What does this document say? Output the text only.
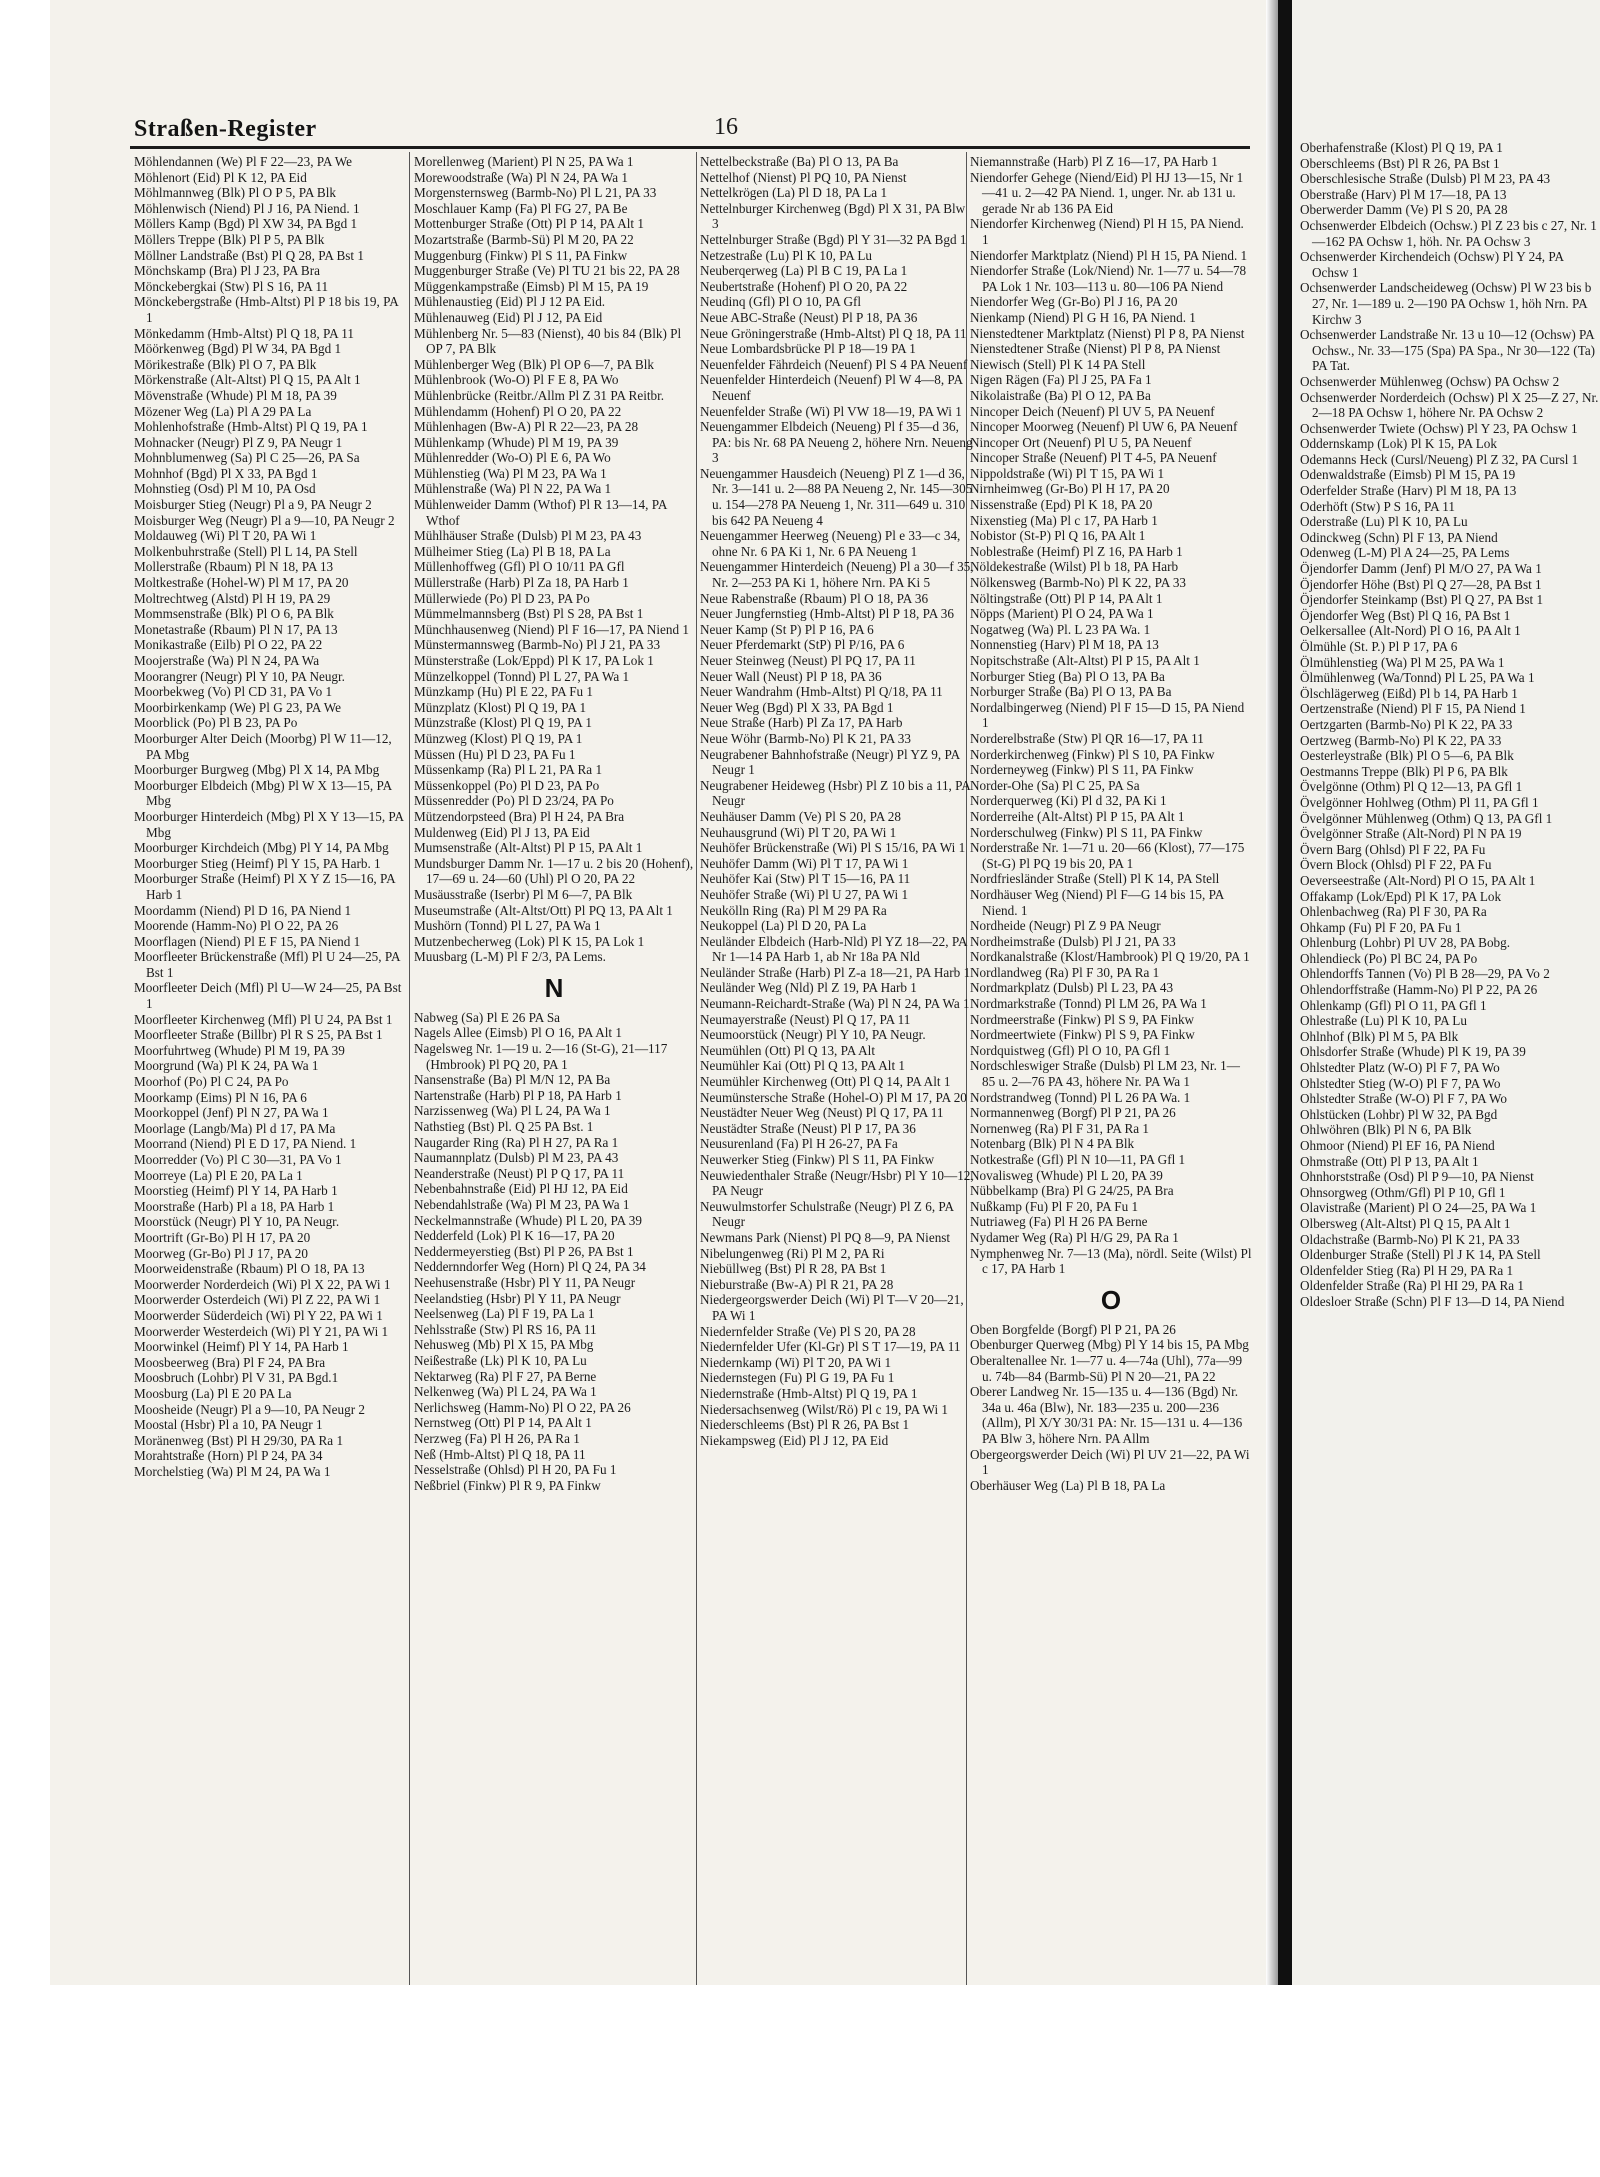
Straßen-Register	16

Möhlendannen (We) Pl F 22—23, PA We

Möhlenort (Eid) Pl K 12, PA Eid

Möhlmannweg (Blk) Pl O P 5, PA Blk

Möhlenwisch (Niend) Pl J 16, PA Niend. 1

Möllers Kamp (Bgd) Pl XW 34, PA Bgd 1

Möllers Treppe (Blk) Pl P 5, PA Blk

Möllner Landstraße (Bst) Pl Q 28, PA Bst 1

Mönchskamp (Bra) Pl J 23, PA Bra

Mönckebergkai (Stw) Pl S 16, PA 11

Mönckebergstraße (Hmb-Altst) Pl P 18 bis 19, PA 1

Mönkedamm (Hmb-Altst) Pl Q 18, PA 11

Möörkenweg (Bgd) Pl W 34, PA Bgd 1

Mörikestraße (Blk) Pl O 7, PA Blk

Mörkenstraße (Alt-Altst) Pl Q 15, PA Alt 1

Mövenstraße (Whude) Pl M 18, PA 39

Mözener Weg (La) Pl A 29 PA La

Mohlenhofstraße (Hmb-Altst) Pl Q 19, PA 1

Mohnacker (Neugr) Pl Z 9, PA Neugr 1

Mohnblumenweg (Sa) Pl C 25—26, PA Sa

Mohnhof (Bgd) Pl X 33, PA Bgd 1

Mohnstieg (Osd) Pl M 10, PA Osd

Moisburger Stieg (Neugr) Pl a 9, PA Neugr 2

Moisburger Weg (Neugr) Pl a 9—10, PA Neugr 2

Moldauweg (Wi) Pl T 20, PA Wi 1

Molkenbuhrstraße (Stell) Pl L 14, PA Stell

Mollerstraße (Rbaum) Pl N 18, PA 13

Moltkestraße (Hohel-W) Pl M 17, PA 20

Moltrechtweg (Alstd) Pl H 19, PA 29

Mommsenstraße (Blk) Pl O 6, PA Blk

Monetastraße (Rbaum) Pl N 17, PA 13

Monikastraße (Eilb) Pl O 22, PA 22

Moojerstraße (Wa) Pl N 24, PA Wa

Moorangrer (Neugr) Pl Y 10, PA Neugr.

Moorbekweg (Vo) Pl CD 31, PA Vo 1

Moorbirkenkamp (We) Pl G 23, PA We

Moorblick (Po) Pl B 23, PA Po

Moorburger Alter Deich (Moorbg) Pl W 11—12, PA Mbg

Moorburger Burgweg (Mbg) Pl X 14, PA Mbg

Moorburger Elbdeich (Mbg) Pl W X 13—15, PA Mbg

Moorburger Hinterdeich (Mbg) Pl X Y 13—15, PA Mbg

Moorburger Kirchdeich (Mbg) Pl Y 14, PA Mbg

Moorburger Stieg (Heimf) Pl Y 15, PA Harb. 1

Moorburger Straße (Heimf) Pl X Y Z 15—16, PA Harb 1

Moordamm (Niend) Pl D 16, PA Niend 1

Moorende (Hamm-No) Pl O 22, PA 26

Moorflagen (Niend) Pl E F 15, PA Niend 1

Moorfleeter Brückenstraße (Mfl) Pl U 24—25, PA Bst 1

Moorfleeter Deich (Mfl) Pl U—W 24—25, PA Bst 1

Moorfleeter Kirchenweg (Mfl) Pl U 24, PA Bst 1

Moorfleeter Straße (Billbr) Pl R S 25, PA Bst 1

Moorfuhrtweg (Whude) Pl M 19, PA 39

Moorgrund (Wa) Pl K 24, PA Wa 1

Moorhof (Po) Pl C 24, PA Po

Moorkamp (Eims) Pl N 16, PA 6

Moorkoppel (Jenf) Pl N 27, PA Wa 1

Moorlage (Langb/Ma) Pl d 17, PA Ma

Moorrand (Niend) Pl E D 17, PA Niend. 1

Moorredder (Vo) Pl C 30—31, PA Vo 1

Moorreye (La) Pl E 20, PA La 1

Moorstieg (Heimf) Pl Y 14, PA Harb 1

Moorstraße (Harb) Pl a 18, PA Harb 1

Moorstück (Neugr) Pl Y 10, PA Neugr.

Moortrift (Gr-Bo) Pl H 17, PA 20

Moorweg (Gr-Bo) Pl J 17, PA 20

Moorweidenstraße (Rbaum) Pl O 18, PA 13

Moorwerder Norderdeich (Wi) Pl X 22, PA Wi 1

Moorwerder Osterdeich (Wi) Pl Z 22, PA Wi 1

Moorwerder Süderdeich (Wi) Pl Y 22, PA Wi 1

Moorwerder Westerdeich (Wi) Pl Y 21, PA Wi 1

Moorwinkel (Heimf) Pl Y 14, PA Harb 1

Moosbeerweg (Bra) Pl F 24, PA Bra

Moosbruch (Lohbr) Pl V 31, PA Bgd.1

Moosburg (La) Pl E 20 PA La

Moosheide (Neugr) Pl a 9—10, PA Neugr 2

Moostal (Hsbr) Pl a 10, PA Neugr 1

Moränenweg (Bst) Pl H 29/30, PA Ra 1

Morahtstraße (Horn) Pl P 24, PA 34

Morchelstieg (Wa) Pl M 24, PA Wa 1

Morellenweg (Marient) Pl N 25, PA Wa 1

Morewoodstraße (Wa) Pl N 24, PA Wa 1

Morgensternsweg (Barmb-No) Pl L 21, PA 33

Moschlauer Kamp (Fa) Pl FG 27, PA Be

Mottenburger Straße (Ott) Pl P 14, PA Alt 1

Mozartstraße (Barmb-Sü) Pl M 20, PA 22

Muggenburg (Finkw) Pl S 11, PA Finkw

Muggenburger Straße (Ve) Pl TU 21 bis 22, PA 28

Müggenkampstraße (Eimsb) Pl M 15, PA 19

Mühlenaustieg (Eid) Pl J 12 PA Eid.

Mühlenauweg (Eid) Pl J 12, PA Eid

Mühlenberg Nr. 5—83 (Nienst), 40 bis 84 (Blk) Pl OP 7, PA Blk

Mühlenberger Weg (Blk) Pl OP 6—7, PA Blk

Mühlenbrook (Wo-O) Pl F E 8, PA Wo

Mühlenbrücke (Reitbr./Allm Pl Z 31 PA Reitbr.

Mühlendamm (Hohenf) Pl O 20, PA 22

Mühlenhagen (Bw-A) Pl R 22—23, PA 28

Mühlenkamp (Whude) Pl M 19, PA 39

Mühlenredder (Wo-O) Pl E 6, PA Wo

Mühlenstieg (Wa) Pl M 23, PA Wa 1

Mühlenstraße (Wa) Pl N 22, PA Wa 1

Mühlenweider Damm (Wthof) Pl R 13—14, PA Wthof

Mühlhäuser Straße (Dulsb) Pl M 23, PA 43

Mülheimer Stieg (La) Pl B 18, PA La

Müllenhoffweg (Gfl) Pl O 10/11 PA Gfl

Müllerstraße (Harb) Pl Za 18, PA Harb 1

Müllerwiede (Po) Pl D 23, PA Po

Mümmelmannsberg (Bst) Pl S 28, PA Bst 1

Münchhausenweg (Niend) Pl F 16—17, PA Niend 1

Münstermannsweg (Barmb-No) Pl J 21, PA 33

Münsterstraße (Lok/Eppd) Pl K 17, PA Lok 1

Münzelkoppel (Tonnd) Pl L 27, PA Wa 1

Münzkamp (Hu) Pl E 22, PA Fu 1

Münzplatz (Klost) Pl Q 19, PA 1

Münzstraße (Klost) Pl Q 19, PA 1

Münzweg (Klost) Pl Q 19, PA 1

Müssen (Hu) Pl D 23, PA Fu 1

Müssenkamp (Ra) Pl L 21, PA Ra 1

Müssenkoppel (Po) Pl D 23, PA Po

Müssenredder (Po) Pl D 23/24, PA Po

Mützendorpsteed (Bra) Pl H 24, PA Bra

Muldenweg (Eid) Pl J 13, PA Eid

Mumsenstraße (Alt-Altst) Pl P 15, PA Alt 1

Mundsburger Damm Nr. 1—17 u. 2 bis 20 (Hohenf), 17—69 u. 24—60 (Uhl) Pl O 20, PA 22

Musäusstraße (Iserbr) Pl M 6—7, PA Blk

Museumstraße (Alt-Altst/Ott) Pl PQ 13, PA Alt 1

Mushörn (Tonnd) Pl L 27, PA Wa 1

Mutzenbecherweg (Lok) Pl K 15, PA Lok 1

Muusbarg (L-M) Pl F 2/3, PA Lems.

N

Nabweg (Sa) Pl E 26 PA Sa

Nagels Allee (Eimsb) Pl O 16, PA Alt 1

Nagelsweg Nr. 1—19 u. 2—16 (St-G), 21—117 (Hmbrook) Pl PQ 20, PA 1

Nansenstraße (Ba) Pl M/N 12, PA Ba

Nartenstraße (Harb) Pl P 18, PA Harb 1

Narzissenweg (Wa) Pl L 24, PA Wa 1

Nathstieg (Bst) Pl. Q 25 PA Bst. 1

Naugarder Ring (Ra) Pl H 27, PA Ra 1

Naumannplatz (Dulsb) Pl M 23, PA 43

Neanderstraße (Neust) Pl P Q 17, PA 11

Nebenbahnstraße (Eid) Pl HJ 12, PA Eid

Nebendahlstraße (Wa) Pl M 23, PA Wa 1

Neckelmannstraße (Whude) Pl L 20, PA 39

Nedderfeld (Lok) Pl K 16—17, PA 20

Neddermeyerstieg (Bst) Pl P 26, PA Bst 1

Neddernndorfer Weg (Horn) Pl Q 24, PA 34

Neehusenstraße (Hsbr) Pl Y 11, PA Neugr

Neelandstieg (Hsbr) Pl Y 11, PA Neugr

Neelsenweg (La) Pl F 19, PA La 1

Nehlsstraße (Stw) Pl RS 16, PA 11

Nehusweg (Mb) Pl X 15, PA Mbg

Neißestraße (Lk) Pl K 10, PA Lu

Nektarweg (Ra) Pl F 27, PA Berne

Nelkenweg (Wa) Pl L 24, PA Wa 1

Nerlichsweg (Hamm-No) Pl O 22, PA 26

Nernstweg (Ott) Pl P 14, PA Alt 1

Nerzweg (Fa) Pl H 26, PA Ra 1

Neß (Hmb-Altst) Pl Q 18, PA 11

Nesselstraße (Ohlsd) Pl H 20, PA Fu 1

Neßbriel (Finkw) Pl R 9, PA Finkw

Nettelbeckstraße (Ba) Pl O 13, PA Ba

Nettelhof (Nienst) Pl PQ 10, PA Nienst

Nettelkrögen (La) Pl D 18, PA La 1

Nettelnburger Kirchenweg (Bgd) Pl X 31, PA Blw 3

Nettelnburger Straße (Bgd) Pl Y 31—32 PA Bgd 1

Netzestraße (Lu) Pl K 10, PA Lu

Neuberqerweg (La) Pl B C 19, PA La 1

Neubertstraße (Hohenf) Pl O 20, PA 22

Neudinq (Gfl) Pl O 10, PA Gfl

Neue ABC-Straße (Neust) Pl P 18, PA 36

Neue Gröningerstraße (Hmb-Altst) Pl Q 18, PA 11

Neue Lombardsbrücke Pl P 18—19 PA 1

Neuenfelder Fährdeich (Neuenf) Pl S 4 PA Neuenf

Neuenfelder Hinterdeich (Neuenf) Pl W 4—8, PA Neuenf

Neuenfelder Straße (Wi) Pl VW 18—19, PA Wi 1

Neuengammer Elbdeich (Neueng) Pl f 35—d 36, PA: bis Nr. 68 PA Neueng 2, höhere Nrn. Neueng 3

Neuengammer Hausdeich (Neueng) Pl Z 1—d 36, Nr. 3—141 u. 2—88 PA Neueng 2, Nr. 145—305 u. 154—278 PA Neueng 1, Nr. 311—649 u. 310 bis 642 PA Neueng 4

Neuengammer Heerweg (Neueng) Pl e 33—c 34, ohne Nr. 6 PA Ki 1, Nr. 6 PA Neueng 1

Neuengammer Hinterdeich (Neueng) Pl a 30—f 35, Nr. 2—253 PA Ki 1, höhere Nrn. PA Ki 5

Neue Rabenstraße (Rbaum) Pl O 18, PA 36

Neuer Jungfernstieg (Hmb-Altst) Pl P 18, PA 36

Neuer Kamp (St P) Pl P 16, PA 6

Neuer Pferdemarkt (StP) Pl P/16, PA 6

Neuer Steinweg (Neust) Pl PQ 17, PA 11

Neuer Wall (Neust) Pl P 18, PA 36

Neuer Wandrahm (Hmb-Altst) Pl Q/18, PA 11

Neuer Weg (Bgd) Pl X 33, PA Bgd 1

Neue Straße (Harb) Pl Za 17, PA Harb

Neue Wöhr (Barmb-No) Pl K 21, PA 33

Neugrabener Bahnhofstraße (Neugr) Pl YZ 9, PA Neugr 1

Neugrabener Heideweg (Hsbr) Pl Z 10 bis a 11, PA Neugr

Neuhäuser Damm (Ve) Pl S 20, PA 28

Neuhausgrund (Wi) Pl T 20, PA Wi 1

Neuhöfer Brückenstraße (Wi) Pl S 15/16, PA Wi 1

Neuhöfer Damm (Wi) Pl T 17, PA Wi 1

Neuhöfer Kai (Stw) Pl T 15—16, PA 11

Neuhöfer Straße (Wi) Pl U 27, PA Wi 1

Neukölln Ring (Ra) Pl M 29 PA Ra

Neukoppel (La) Pl D 20, PA La

Neuländer Elbdeich (Harb-Nld) Pl YZ 18—22, PA Nr 1—14 PA Harb 1, ab Nr 18a PA Nld

Neuländer Straße (Harb) Pl Z-a 18—21, PA Harb 1

Neuländer Weg (Nld) Pl Z 19, PA Harb 1

Neumann-Reichardt-Straße (Wa) Pl N 24, PA Wa 1

Neumayerstraße (Neust) Pl Q 17, PA 11

Neumoorstück (Neugr) Pl Y 10, PA Neugr.

Neumühlen (Ott) Pl Q 13, PA Alt

Neumühler Kai (Ott) Pl Q 13, PA Alt 1

Neumühler Kirchenweg (Ott) Pl Q 14, PA Alt 1

Neumünstersche Straße (Hohel-O) Pl M 17, PA 20

Neustädter Neuer Weg (Neust) Pl Q 17, PA 11

Neustädter Straße (Neust) Pl P 17, PA 36

Neusurenland (Fa) Pl H 26-27, PA Fa

Neuwerker Stieg (Finkw) Pl S 11, PA Finkw

Neuwiedenthaler Straße (Neugr/Hsbr) Pl Y 10—12, PA Neugr

Neuwulmstorfer Schulstraße (Neugr) Pl Z 6, PA Neugr

Newmans Park (Nienst) Pl PQ 8—9, PA Nienst

Nibelungenweg (Ri) Pl M 2, PA Ri

Niebüllweg (Bst) Pl R 28, PA Bst 1

Nieburstraße (Bw-A) Pl R 21, PA 28

Niedergeorgswerder Deich (Wi) Pl T—V 20—21, PA Wi 1

Niedernfelder Straße (Ve) Pl S 20, PA 28

Niedernfelder Ufer (Kl-Gr) Pl S T 17—19, PA 11

Niedernkamp (Wi) Pl T 20, PA Wi 1

Niedernstegen (Fu) Pl G 19, PA Fu 1

Niedernstraße (Hmb-Altst) Pl Q 19, PA 1

Niedersachsenweg (Wilst/Rö) Pl c 19, PA Wi 1

Niederschleems (Bst) Pl R 26, PA Bst 1

Niekampsweg (Eid) Pl J 12, PA Eid

Niemannstraße (Harb) Pl Z 16—17, PA Harb 1

Niendorfer Gehege (Niend/Eid) Pl HJ 13—15, Nr 1—41 u. 2—42 PA Niend. 1, unger. Nr. ab 131 u. gerade Nr ab 136 PA Eid

Niendorfer Kirchenweg (Niend) Pl H 15, PA Niend. 1

Niendorfer Marktplatz (Niend) Pl H 15, PA Niend. 1

Niendorfer Straße (Lok/Niend) Nr. 1—77 u. 54—78 PA Lok 1 Nr. 103—113 u. 80—106 PA Niend

Niendorfer Weg (Gr-Bo) Pl J 16, PA 20

Nienkamp (Niend) Pl G H 16, PA Niend. 1

Nienstedtener Marktplatz (Nienst) Pl P 8, PA Nienst

Nienstedtener Straße (Nienst) Pl P 8, PA Nienst

Niewisch (Stell) Pl K 14 PA Stell

Nigen Rägen (Fa) Pl J 25, PA Fa 1

Nikolaistraße (Ba) Pl O 12, PA Ba

Nincoper Deich (Neuenf) Pl UV 5, PA Neuenf

Nincoper Moorweg (Neuenf) Pl UW 6, PA Neuenf

Nincoper Ort (Neuenf) Pl U 5, PA Neuenf

Nincoper Straße (Neuenf) Pl T 4-5, PA Neuenf

Nippoldstraße (Wi) Pl T 15, PA Wi 1

Nirnheimweg (Gr-Bo) Pl H 17, PA 20

Nissenstraße (Epd) Pl K 18, PA 20

Nixenstieg (Ma) Pl c 17, PA Harb 1

Nobistor (St-P) Pl Q 16, PA Alt 1

Noblestraße (Heimf) Pl Z 16, PA Harb 1

Nöldekestraße (Wilst) Pl b 18, PA Harb

Nölkensweg (Barmb-No) Pl K 22, PA 33

Nöltingstraße (Ott) Pl P 14, PA Alt 1

Nöpps (Marient) Pl O 24, PA Wa 1

Nogatweg (Wa) Pl. L 23 PA Wa. 1

Nonnenstieg (Harv) Pl M 18, PA 13

Nopitschstraße (Alt-Altst) Pl P 15, PA Alt 1

Norburger Stieg (Ba) Pl O 13, PA Ba

Norburger Straße (Ba) Pl O 13, PA Ba

Nordalbingerweg (Niend) Pl F 15—D 15, PA Niend 1

Norderelbstraße (Stw) Pl QR 16—17, PA 11

Norderkirchenweg (Finkw) Pl S 10, PA Finkw

Norderneyweg (Finkw) Pl S 11, PA Finkw

Norder-Ohe (Sa) Pl C 25, PA Sa

Norderquerweg (Ki) Pl d 32, PA Ki 1

Norderreihe (Alt-Altst) Pl P 15, PA Alt 1

Norderschulweg (Finkw) Pl S 11, PA Finkw

Norderstraße Nr. 1—71 u. 20—66 (Klost), 77—175 (St-G) Pl PQ 19 bis 20, PA 1

Nordfriesländer Straße (Stell) Pl K 14, PA Stell

Nordhäuser Weg (Niend) Pl F—G 14 bis 15, PA Niend. 1

Nordheide (Neugr) Pl Z 9 PA Neugr

Nordheimstraße (Dulsb) Pl J 21, PA 33

Nordkanalstraße (Klost/Hambrook) Pl Q 19/20, PA 1

Nordlandweg (Ra) Pl F 30, PA Ra 1

Nordmarkplatz (Dulsb) Pl L 23, PA 43

Nordmarkstraße (Tonnd) Pl LM 26, PA Wa 1

Nordmeerstraße (Finkw) Pl S 9, PA Finkw

Nordmeertwiete (Finkw) Pl S 9, PA Finkw

Nordquistweg (Gfl) Pl O 10, PA Gfl 1

Nordschleswiger Straße (Dulsb) Pl LM 23, Nr. 1—85 u. 2—76 PA 43, höhere Nr. PA Wa 1

Nordstrandweg (Tonnd) Pl L 26 PA Wa. 1

Normannenweg (Borgf) Pl P 21, PA 26

Nornenweg (Ra) Pl F 31, PA Ra 1

Notenbarg (Blk) Pl N 4 PA Blk

Notkestraße (Gfl) Pl N 10—11, PA Gfl 1

Novalisweg (Whude) Pl L 20, PA 39

Nübbelkamp (Bra) Pl G 24/25, PA Bra

Nußkamp (Fu) Pl F 20, PA Fu 1

Nutriaweg (Fa) Pl H 26 PA Berne

Nydamer Weg (Ra) Pl H/G 29, PA Ra 1

Nymphenweg Nr. 7—13 (Ma), nördl. Seite (Wilst) Pl c 17, PA Harb 1

O

Oben Borgfelde (Borgf) Pl P 21, PA 26

Obenburger Querweg (Mbg) Pl Y 14 bis 15, PA Mbg

Oberaltenallee Nr. 1—77 u. 4—74a (Uhl), 77a—99 u. 74b—84 (Barmb-Sü) Pl N 20—21, PA 22

Oberer Landweg Nr. 15—135 u. 4—136 (Bgd) Nr. 34a u. 46a (Blw), Nr. 183—235 u. 200—236 (Allm), Pl X/Y 30/31 PA: Nr. 15—131 u. 4—136 PA Blw 3, höhere Nrn. PA Allm

Obergeorgswerder Deich (Wi) Pl UV 21—22, PA Wi 1

Oberhäuser Weg (La) Pl B 18, PA La

Oberhafenstraße (Klost) Pl Q 19, PA 1

Oberschleems (Bst) Pl R 26, PA Bst 1

Oberschlesische Straße (Dulsb) Pl M 23, PA 43

Oberstraße (Harv) Pl M 17—18, PA 13

Oberwerder Damm (Ve) Pl S 20, PA 28

Ochsenwerder Elbdeich (Ochsw.) Pl Z 23 bis c 27, Nr. 1—162 PA Ochsw 1, höh. Nr. PA Ochsw 3

Ochsenwerder Kirchendeich (Ochsw) Pl Y 24, PA Ochsw 1

Ochsenwerder Landscheideweg (Ochsw) Pl W 23 bis b 27, Nr. 1—189 u. 2—190 PA Ochsw 1, höh Nrn. PA Kirchw 3

Ochsenwerder Landstraße Nr. 13 u 10—12 (Ochsw) PA Ochsw., Nr. 33—175 (Spa) PA Spa., Nr 30—122 (Ta) PA Tat.

Ochsenwerder Mühlenweg (Ochsw) PA Ochsw 2

Ochsenwerder Norderdeich (Ochsw) Pl X 25—Z 27, Nr. 2—18 PA Ochsw 1, höhere Nr. PA Ochsw 2

Ochsenwerder Twiete (Ochsw) Pl Y 23, PA Ochsw 1

Oddernskamp (Lok) Pl K 15, PA Lok

Odemanns Heck (Cursl/Neueng) Pl Z 32, PA Cursl 1

Odenwaldstraße (Eimsb) Pl M 15, PA 19

Oderfelder Straße (Harv) Pl M 18, PA 13

Oderhöft (Stw) P S 16, PA 11

Oderstraße (Lu) Pl K 10, PA Lu

Odinckweg (Schn) Pl F 13, PA Niend

Odenweg (L-M) Pl A 24—25, PA Lems

Öjendorfer Damm (Jenf) Pl M/O 27, PA Wa 1

Öjendorfer Höhe (Bst) Pl Q 27—28, PA Bst 1

Öjendorfer Steinkamp (Bst) Pl Q 27, PA Bst 1

Öjendorfer Weg (Bst) Pl Q 16, PA Bst 1

Oelkersallee (Alt-Nord) Pl O 16, PA Alt 1

Ölmühle (St. P.) Pl P 17, PA 6

Ölmühlenstieg (Wa) Pl M 25, PA Wa 1

Ölmühlenweg (Wa/Tonnd) Pl L 25, PA Wa 1

Ölschlägerweg (Eißd) Pl b 14, PA Harb 1

Oertzenstraße (Niend) Pl F 15, PA Niend 1

Oertzgarten (Barmb-No) Pl K 22, PA 33

Oertzweg (Barmb-No) Pl K 22, PA 33

Oesterleystraße (Blk) Pl O 5—6, PA Blk

Oestmanns Treppe (Blk) Pl P 6, PA Blk

Övelgönne (Othm) Pl Q 12—13, PA Gfl 1

Övelgönner Hohlweg (Othm) Pl 11, PA Gfl 1

Övelgönner Mühlenweg (Othm) Q 13, PA Gfl 1

Övelgönner Straße (Alt-Nord) Pl N PA 19

Övern Barg (Ohlsd) Pl F 22, PA Fu

Övern Block (Ohlsd) Pl F 22, PA Fu

Oeverseestraße (Alt-Nord) Pl O 15, PA Alt 1

Offakamp (Lok/Epd) Pl K 17, PA Lok

Ohlenbachweg (Ra) Pl F 30, PA Ra

Ohkamp (Fu) Pl F 20, PA Fu 1

Ohlenburg (Lohbr) Pl UV 28, PA Bobg.

Ohlendieck (Po) Pl BC 24, PA Po

Ohlendorffs Tannen (Vo) Pl B 28—29, PA Vo 2

Ohlendorffstraße (Hamm-No) Pl P 22, PA 26

Ohlenkamp (Gfl) Pl O 11, PA Gfl 1

Ohlestraße (Lu) Pl K 10, PA Lu

Ohlnhof (Blk) Pl M 5, PA Blk

Ohlsdorfer Straße (Whude) Pl K 19, PA 39

Ohlstedter Platz (W-O) Pl F 7, PA Wo

Ohlstedter Stieg (W-O) Pl F 7, PA Wo

Ohlstedter Straße (W-O) Pl F 7, PA Wo

Ohlstücken (Lohbr) Pl W 32, PA Bgd

Ohlwöhren (Blk) Pl N 6, PA Blk

Ohmoor (Niend) Pl EF 16, PA Niend

Ohmstraße (Ott) Pl P 13, PA Alt 1

Ohnhorststraße (Osd) Pl P 9—10, PA Nienst

Ohnsorgweg (Othm/Gfl) Pl P 10, Gfl 1

Olavistraße (Marient) Pl O 24—25, PA Wa 1

Olbersweg (Alt-Altst) Pl Q 15, PA Alt 1

Oldachstraße (Barmb-No) Pl K 21, PA 33

Oldenburger Straße (Stell) Pl J K 14, PA Stell

Oldenfelder Stieg (Ra) Pl H 29, PA Ra 1

Oldenfelder Straße (Ra) Pl HI 29, PA Ra 1

Oldesloer Straße (Schn) Pl F 13—D 14, PA Niend
